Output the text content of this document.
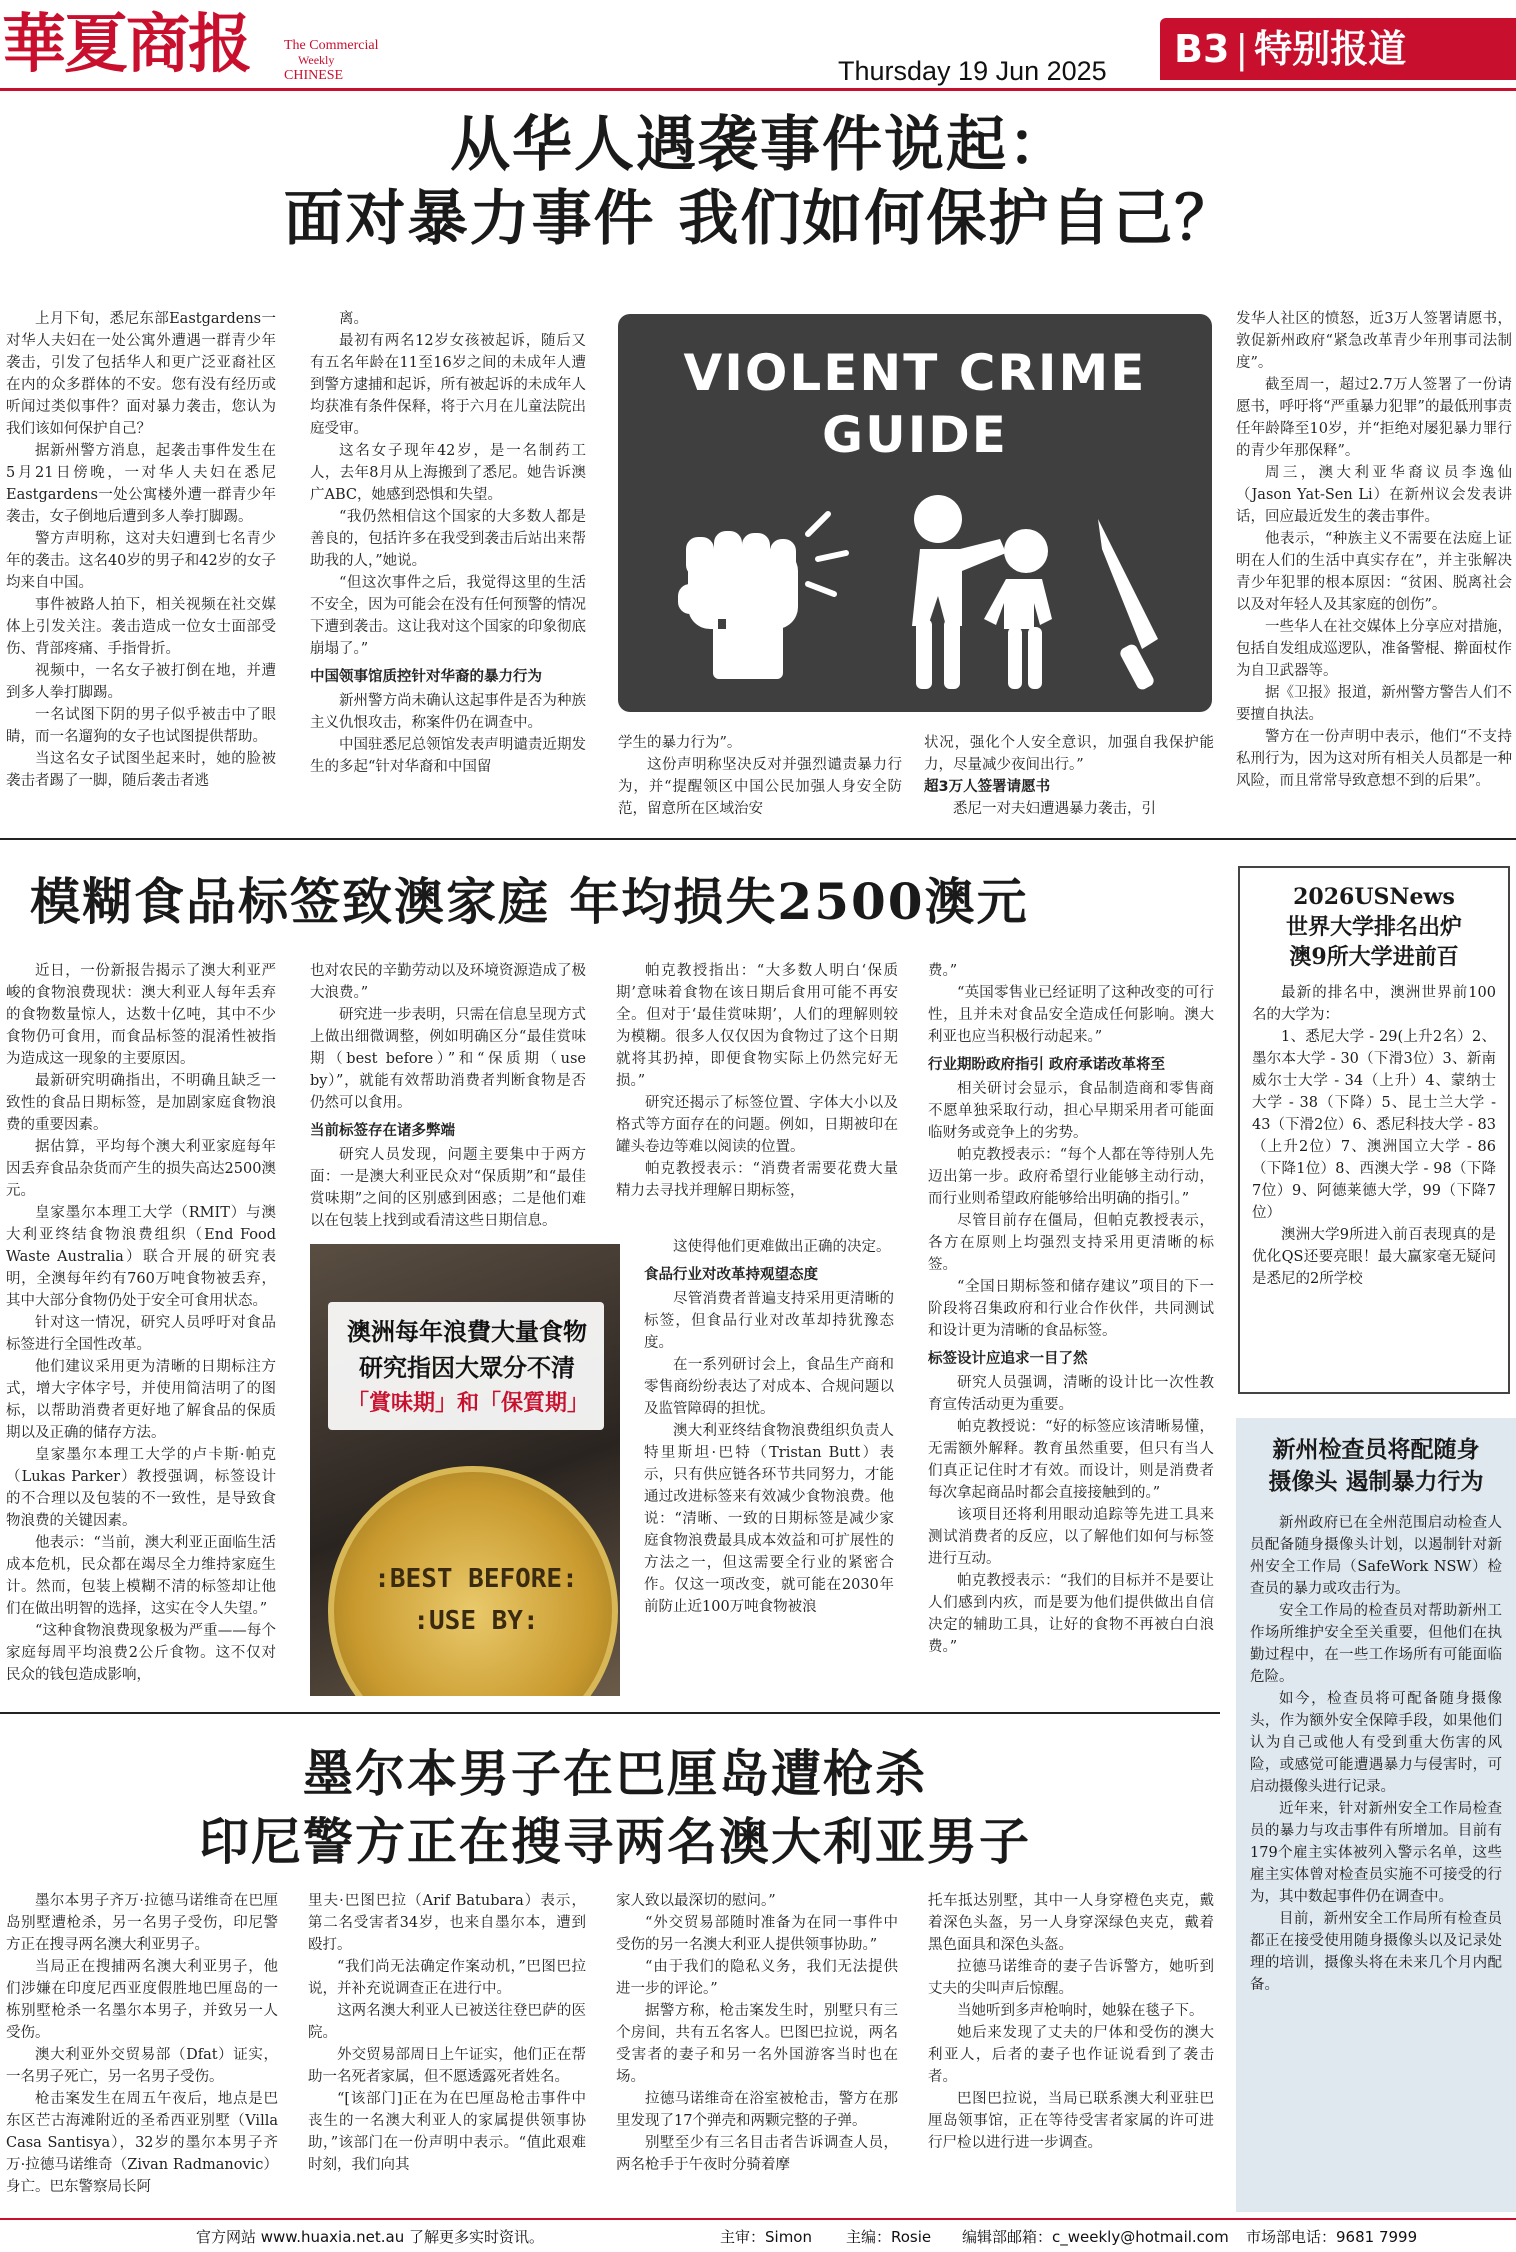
華夏商报 The Commercial
Weekly
CHINESE	Thursday 19 Jun 2025	B3 | 特别报道
从华人遇袭事件说起：
面对暴力事件 我们如何保护自己？

上月下旬，悉尼东部Eastgardens一对华人夫妇在一处公寓外遭遇一群青少年袭击，引发了包括华人和更广泛亚裔社区在内的众多群体的不安。您有没有经历或听闻过类似事件？面对暴力袭击，您认为我们该如何保护自己？

据新州警方消息，起袭击事件发生在5月21日傍晚，一对华人夫妇在悉尼Eastgardens一处公寓楼外遭一群青少年袭击，女子倒地后遭到多人拳打脚踢。

警方声明称，这对夫妇遭到七名青少年的袭击。这名40岁的男子和42岁的女子均来自中国。

事件被路人拍下，相关视频在社交媒体上引发关注。袭击造成一位女士面部受伤、背部疼痛、手指骨折。

视频中，一名女子被打倒在地，并遭到多人拳打脚踢。

一名试图下阴的男子似乎被击中了眼睛，而一名遛狗的女子也试图提供帮助。

当这名女子试图坐起来时，她的脸被袭击者踢了一脚，随后袭击者逃

离。

最初有两名12岁女孩被起诉，随后又有五名年龄在11至16岁之间的未成年人遭到警方逮捕和起诉，所有被起诉的未成年人均获准有条件保释，将于六月在儿童法院出庭受审。

这名女子现年42岁，是一名制药工人，去年8月从上海搬到了悉尼。她告诉澳广ABC，她感到恐惧和失望。

“我仍然相信这个国家的大多数人都是善良的，包括许多在我受到袭击后站出来帮助我的人，”她说。

“但这次事件之后，我觉得这里的生活不安全，因为可能会在没有任何预警的情况下遭到袭击。这让我对这个国家的印象彻底崩塌了。”

中国领事馆质控针对华裔的暴力行为

新州警方尚未确认这起事件是否为种族主义仇恨攻击，称案件仍在调查中。

中国驻悉尼总领馆发表声明谴责近期发生的多起“针对华裔和中国留

VIOLENT CRIME
GUIDE

学生的暴力行为”。

这份声明称坚决反对并强烈谴责暴力行为，并“提醒领区中国公民加强人身安全防范，留意所在区域治安

状况，强化个人安全意识，加强自我保护能力，尽量减少夜间出行。”

超3万人签署请愿书

悉尼一对夫妇遭遇暴力袭击，引

发华人社区的愤怒，近3万人签署请愿书，敦促新州政府“紧急改革青少年刑事司法制度”。

截至周一，超过2.7万人签署了一份请愿书，呼吁将“严重暴力犯罪”的最低刑事责任年龄降至10岁，并“拒绝对屡犯暴力罪行的青少年那保释”。

周三，澳大利亚华裔议员李逸仙（Jason Yat-Sen Li）在新州议会发表讲话，回应最近发生的袭击事件。

他表示，“种族主义不需要在法庭上证明在人们的生活中真实存在”，并主张解决青少年犯罪的根本原因：“贫困、脱离社会以及对年轻人及其家庭的创伤”。

一些华人在社交媒体上分享应对措施，包括自发组成巡逻队，准备警棍、擀面杖作为自卫武器等。

据《卫报》报道，新州警方警告人们不要擅自执法。

警方在一份声明中表示，他们“不支持私刑行为，因为这对所有相关人员都是一种风险，而且常常导致意想不到的后果”。

模糊食品标签致澳家庭 年均损失2500澳元

近日，一份新报告揭示了澳大利亚严峻的食物浪费现状：澳大利亚人每年丢弃的食物数量惊人，达数十亿吨，其中不少食物仍可食用，而食品标签的混淆性被指为造成这一现象的主要原因。

最新研究明确指出，不明确且缺乏一致性的食品日期标签，是加剧家庭食物浪费的重要因素。

据估算，平均每个澳大利亚家庭每年因丢弃食品杂货而产生的损失高达2500澳元。

皇家墨尔本理工大学（RMIT）与澳大利亚终结食物浪费组织（End Food Waste Australia）联合开展的研究表明，全澳每年约有760万吨食物被丢弃，其中大部分食物仍处于安全可食用状态。

针对这一情况，研究人员呼吁对食品标签进行全国性改革。

他们建议采用更为清晰的日期标注方式，增大字体字号，并使用简洁明了的图标，以帮助消费者更好地了解食品的保质期以及正确的储存方法。

皇家墨尔本理工大学的卢卡斯·帕克（Lukas Parker）教授强调，标签设计的不合理以及包装的不一致性，是导致食物浪费的关键因素。

他表示：“当前，澳大利亚正面临生活成本危机，民众都在竭尽全力维持家庭生计。然而，包装上模糊不清的标签却让他们在做出明智的选择，这实在令人失望。”

“这种食物浪费现象极为严重——每个家庭每周平均浪费2公斤食物。这不仅对民众的钱包造成影响，

也对农民的辛勤劳动以及环境资源造成了极大浪费。”

研究进一步表明，只需在信息呈现方式上做出细微调整，例如明确区分“最佳赏味期（best before）”和“保质期（use by）”，就能有效帮助消费者判断食物是否仍然可以食用。

当前标签存在诸多弊端

研究人员发现，问题主要集中于两方面：一是澳大利亚民众对“保质期”和“最佳赏味期”之间的区别感到困惑；二是他们难以在包装上找到或看清这些日期信息。

澳洲每年浪費大量食物
研究指因大眾分不清
「賞味期」和「保質期」
:BEST BEFORE:
:USE BY:

帕克教授指出：“大多数人明白‘保质期’意味着食物在该日期后食用可能不再安全。但对于‘最佳赏味期’，人们的理解则较为模糊。很多人仅仅因为食物过了这个日期就将其扔掉，即便食物实际上仍然完好无损。”

研究还揭示了标签位置、字体大小以及格式等方面存在的问题。例如，日期被印在罐头卷边等难以阅读的位置。

帕克教授表示：“消费者需要花费大量精力去寻找并理解日期标签，

这使得他们更难做出正确的决定。

食品行业对改革持观望态度

尽管消费者普遍支持采用更清晰的标签，但食品行业对改革却持犹豫态度。

在一系列研讨会上，食品生产商和零售商纷纷表达了对成本、合规问题以及监管障碍的担忧。

澳大利亚终结食物浪费组织负责人特里斯坦·巴特（Tristan Butt）表示，只有供应链各环节共同努力，才能通过改进标签来有效减少食物浪费。他说：“清晰、一致的日期标签是减少家庭食物浪费最具成本效益和可扩展性的方法之一，但这需要全行业的紧密合作。仅这一项改变，就可能在2030年前防止近100万吨食物被浪

费。”

“英国零售业已经证明了这种改变的可行性，且并未对食品安全造成任何影响。澳大利亚也应当积极行动起来。”

行业期盼政府指引 政府承诺改革将至

相关研讨会显示，食品制造商和零售商不愿单独采取行动，担心早期采用者可能面临财务或竞争上的劣势。

帕克教授表示：“每个人都在等待别人先迈出第一步。政府希望行业能够主动行动，而行业则希望政府能够给出明确的指引。”

尽管目前存在僵局，但帕克教授表示，各方在原则上均强烈支持采用更清晰的标签。

“全国日期标签和储存建议”项目的下一阶段将召集政府和行业合作伙伴，共同测试和设计更为清晰的食品标签。

标签设计应追求一目了然

研究人员强调，清晰的设计比一次性教育宣传活动更为重要。

帕克教授说：“好的标签应该清晰易懂，无需额外解释。教育虽然重要，但只有当人们真正记住时才有效。而设计，则是消费者每次拿起商品时都会直接接触到的。”

该项目还将利用眼动追踪等先进工具来测试消费者的反应，以了解他们如何与标签进行互动。

帕克教授表示：“我们的目标并不是要让人们感到内疚，而是要为他们提供做出自信决定的辅助工具，让好的食物不再被白白浪费。”

2026USNews
世界大学排名出炉
澳9所大学进前百

最新的排名中，澳洲世界前100名的大学为：

1、悉尼大学 - 29(上升2名）2、墨尔本大学 - 30（下滑3位）3、新南威尔士大学 - 34（上升）4、蒙纳士大学 - 38（下降）5、昆士兰大学 - 43（下滑2位）6、悉尼科技大学 - 83（上升2位）7、澳洲国立大学 - 86（下降1位）8、西澳大学 - 98（下降7位）9、阿德莱德大学，99（下降7位）

澳洲大学9所进入前百表现真的是优化QS还要亮眼！最大赢家毫无疑问是悉尼的2所学校

新州检查员将配随身
摄像头 遏制暴力行为

新州政府已在全州范围启动检查人员配备随身摄像头计划，以遏制针对新州安全工作局（SafeWork NSW）检查员的暴力或攻击行为。

安全工作局的检查员对帮助新州工作场所维护安全至关重要，但他们在执勤过程中，在一些工作场所有可能面临危险。

如今，检查员将可配备随身摄像头，作为额外安全保障手段，如果他们认为自己或他人有受到重大伤害的风险，或感觉可能遭遇暴力与侵害时，可启动摄像头进行记录。

近年来，针对新州安全工作局检查员的暴力与攻击事件有所增加。目前有179个雇主实体被列入警示名单，这些雇主实体曾对检查员实施不可接受的行为，其中数起事件仍在调查中。

目前，新州安全工作局所有检查员都正在接受使用随身摄像头以及记录处理的培训，摄像头将在未来几个月内配备。

墨尔本男子在巴厘岛遭枪杀
印尼警方正在搜寻两名澳大利亚男子

墨尔本男子齐万·拉德马诺维奇在巴厘岛别墅遭枪杀，另一名男子受伤，印尼警方正在搜寻两名澳大利亚男子。

当局正在搜捕两名澳大利亚男子，他们涉嫌在印度尼西亚度假胜地巴厘岛的一栋别墅枪杀一名墨尔本男子，并致另一人受伤。

澳大利亚外交贸易部（Dfat）证实，一名男子死亡，另一名男子受伤。

枪击案发生在周五午夜后，地点是巴东区芒古海滩附近的圣希西亚别墅（Villa Casa Santisya），32岁的墨尔本男子齐万·拉德马诺维奇（Zivan Radmanovic）身亡。巴东警察局长阿

里夫·巴图巴拉（Arif Batubara）表示，第二名受害者34岁，也来自墨尔本，遭到殴打。

“我们尚无法确定作案动机，”巴图巴拉说，并补充说调查正在进行中。

这两名澳大利亚人已被送往登巴萨的医院。

外交贸易部周日上午证实，他们正在帮助一名死者家属，但不愿透露死者姓名。

“[该部门]正在为在巴厘岛枪击事件中丧生的一名澳大利亚人的家属提供领事协助，”该部门在一份声明中表示。“值此艰难时刻，我们向其

家人致以最深切的慰问。”

“外交贸易部随时准备为在同一事件中受伤的另一名澳大利亚人提供领事协助。”

“由于我们的隐私义务，我们无法提供进一步的评论。”

据警方称，枪击案发生时，别墅只有三个房间，共有五名客人。巴图巴拉说，两名受害者的妻子和另一名外国游客当时也在场。

拉德马诺维奇在浴室被枪击，警方在那里发现了17个弹壳和两颗完整的子弹。

别墅至少有三名目击者告诉调查人员，两名枪手于午夜时分骑着摩

托车抵达别墅，其中一人身穿橙色夹克，戴着深色头盔，另一人身穿深绿色夹克，戴着黑色面具和深色头盔。

拉德马诺维奇的妻子告诉警方，她听到丈夫的尖叫声后惊醒。

当她听到多声枪响时，她躲在毯子下。

她后来发现了丈夫的尸体和受伤的澳大利亚人，后者的妻子也作证说看到了袭击者。

巴图巴拉说，当局已联系澳大利亚驻巴厘岛领事馆，正在等待受害者家属的许可进行尸检以进行进一步调查。

官方网站 www.huaxia.net.au 了解更多实时资讯。	主审：Simon 主编：Rosie 编辑部邮箱：c_weekly@hotmail.com 市场部电话：9681 7999
